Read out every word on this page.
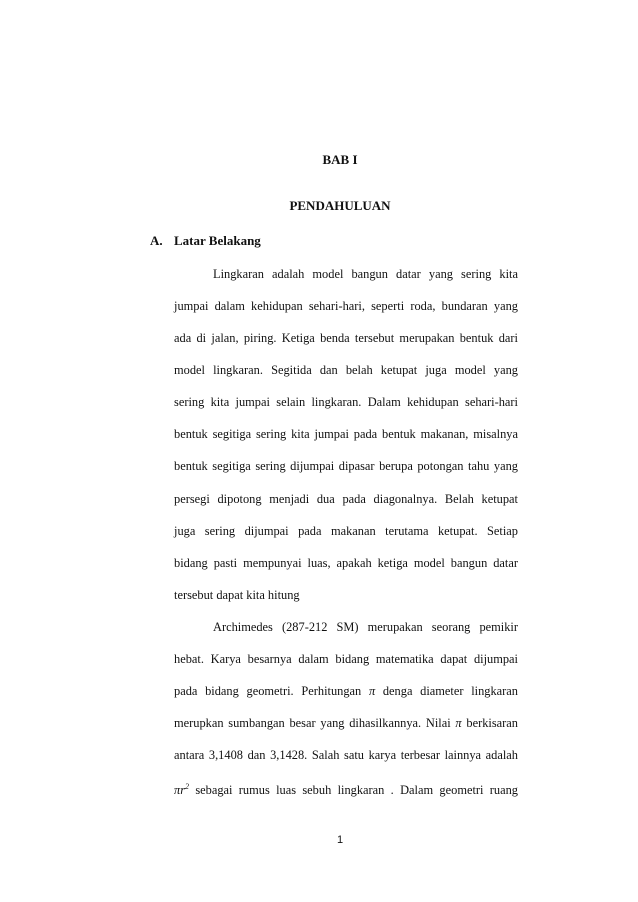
BAB I
PENDAHULUAN
A. Latar Belakang
Lingkaran adalah model bangun datar yang sering kita
jumpai dalam kehidupan sehari-hari, seperti roda, bundaran yang
ada di jalan, piring. Ketiga benda tersebut merupakan bentuk dari
model lingkaran. Segitida dan belah ketupat juga model yang
sering kita jumpai selain lingkaran. Dalam kehidupan sehari-hari
bentuk segitiga sering kita jumpai pada bentuk makanan, misalnya
bentuk segitiga sering dijumpai dipasar berupa potongan tahu yang
persegi dipotong menjadi dua pada diagonalnya. Belah ketupat
juga sering dijumpai pada makanan terutama ketupat. Setiap
bidang pasti mempunyai luas, apakah ketiga model bangun datar
tersebut dapat kita hitung
Archimedes (287-212 SM) merupakan seorang pemikir
hebat. Karya besarnya dalam bidang matematika dapat dijumpai
pada bidang geometri. Perhitungan π denga diameter lingkaran
merupkan sumbangan besar yang dihasilkannya. Nilai π berkisaran
antara 3,1408 dan 3,1428. Salah satu karya terbesar lainnya adalah
$\pi r^2$ sebagai rumus luas sebuh lingkaran . Dalam geometri ruang
1
